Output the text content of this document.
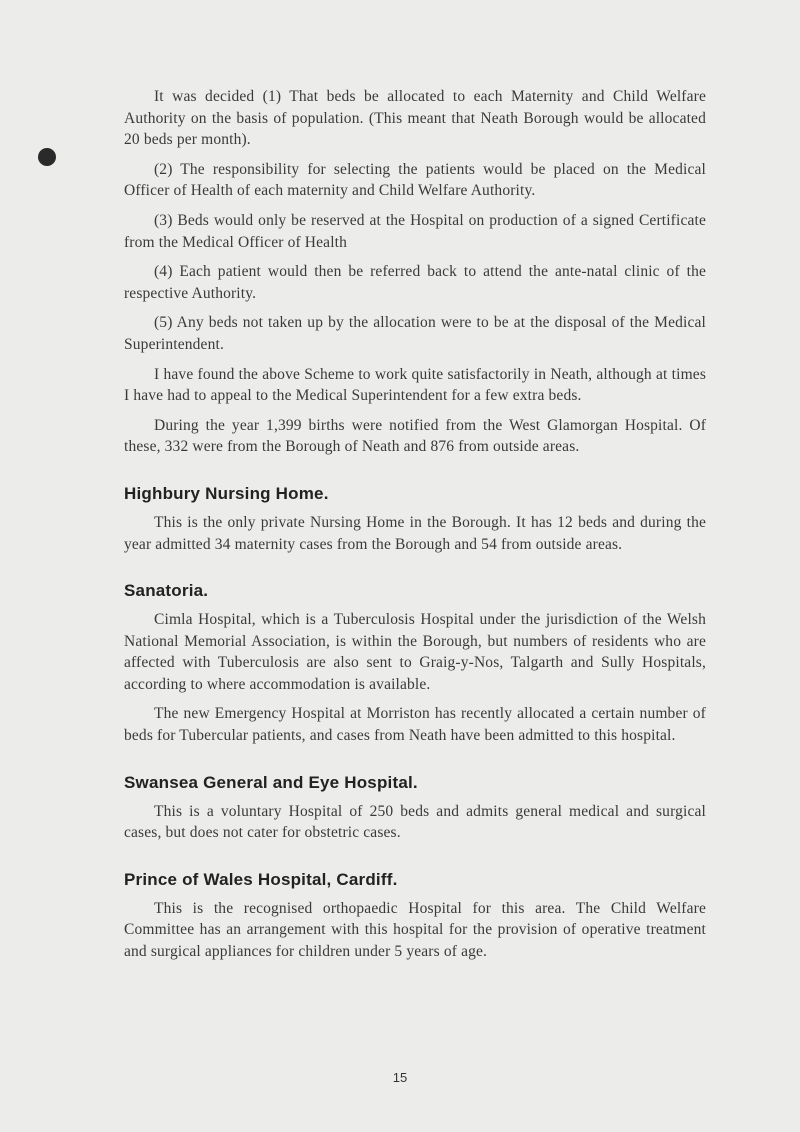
It was decided (1) That beds be allocated to each Maternity and Child Welfare Authority on the basis of population. (This meant that Neath Borough would be allocated 20 beds per month).

(2) The responsibility for selecting the patients would be placed on the Medical Officer of Health of each maternity and Child Welfare Authority.

(3) Beds would only be reserved at the Hospital on production of a signed Certificate from the Medical Officer of Health

(4) Each patient would then be referred back to attend the ante-natal clinic of the respective Authority.

(5) Any beds not taken up by the allocation were to be at the disposal of the Medical Superintendent.

I have found the above Scheme to work quite satisfactorily in Neath, although at times I have had to appeal to the Medical Superintendent for a few extra beds.

During the year 1,399 births were notified from the West Glamorgan Hospital. Of these, 332 were from the Borough of Neath and 876 from outside areas.

Highbury Nursing Home.

This is the only private Nursing Home in the Borough. It has 12 beds and during the year admitted 34 maternity cases from the Borough and 54 from outside areas.

Sanatoria.

Cimla Hospital, which is a Tuberculosis Hospital under the jurisdiction of the Welsh National Memorial Association, is within the Borough, but numbers of residents who are affected with Tuberculosis are also sent to Graig-y-Nos, Talgarth and Sully Hospitals, according to where accommodation is available.

The new Emergency Hospital at Morriston has recently allocated a certain number of beds for Tubercular patients, and cases from Neath have been admitted to this hospital.

Swansea General and Eye Hospital.

This is a voluntary Hospital of 250 beds and admits general medical and surgical cases, but does not cater for obstetric cases.

Prince of Wales Hospital, Cardiff.

This is the recognised orthopaedic Hospital for this area. The Child Welfare Committee has an arrangement with this hospital for the provision of operative treatment and surgical appliances for children under 5 years of age.

15
